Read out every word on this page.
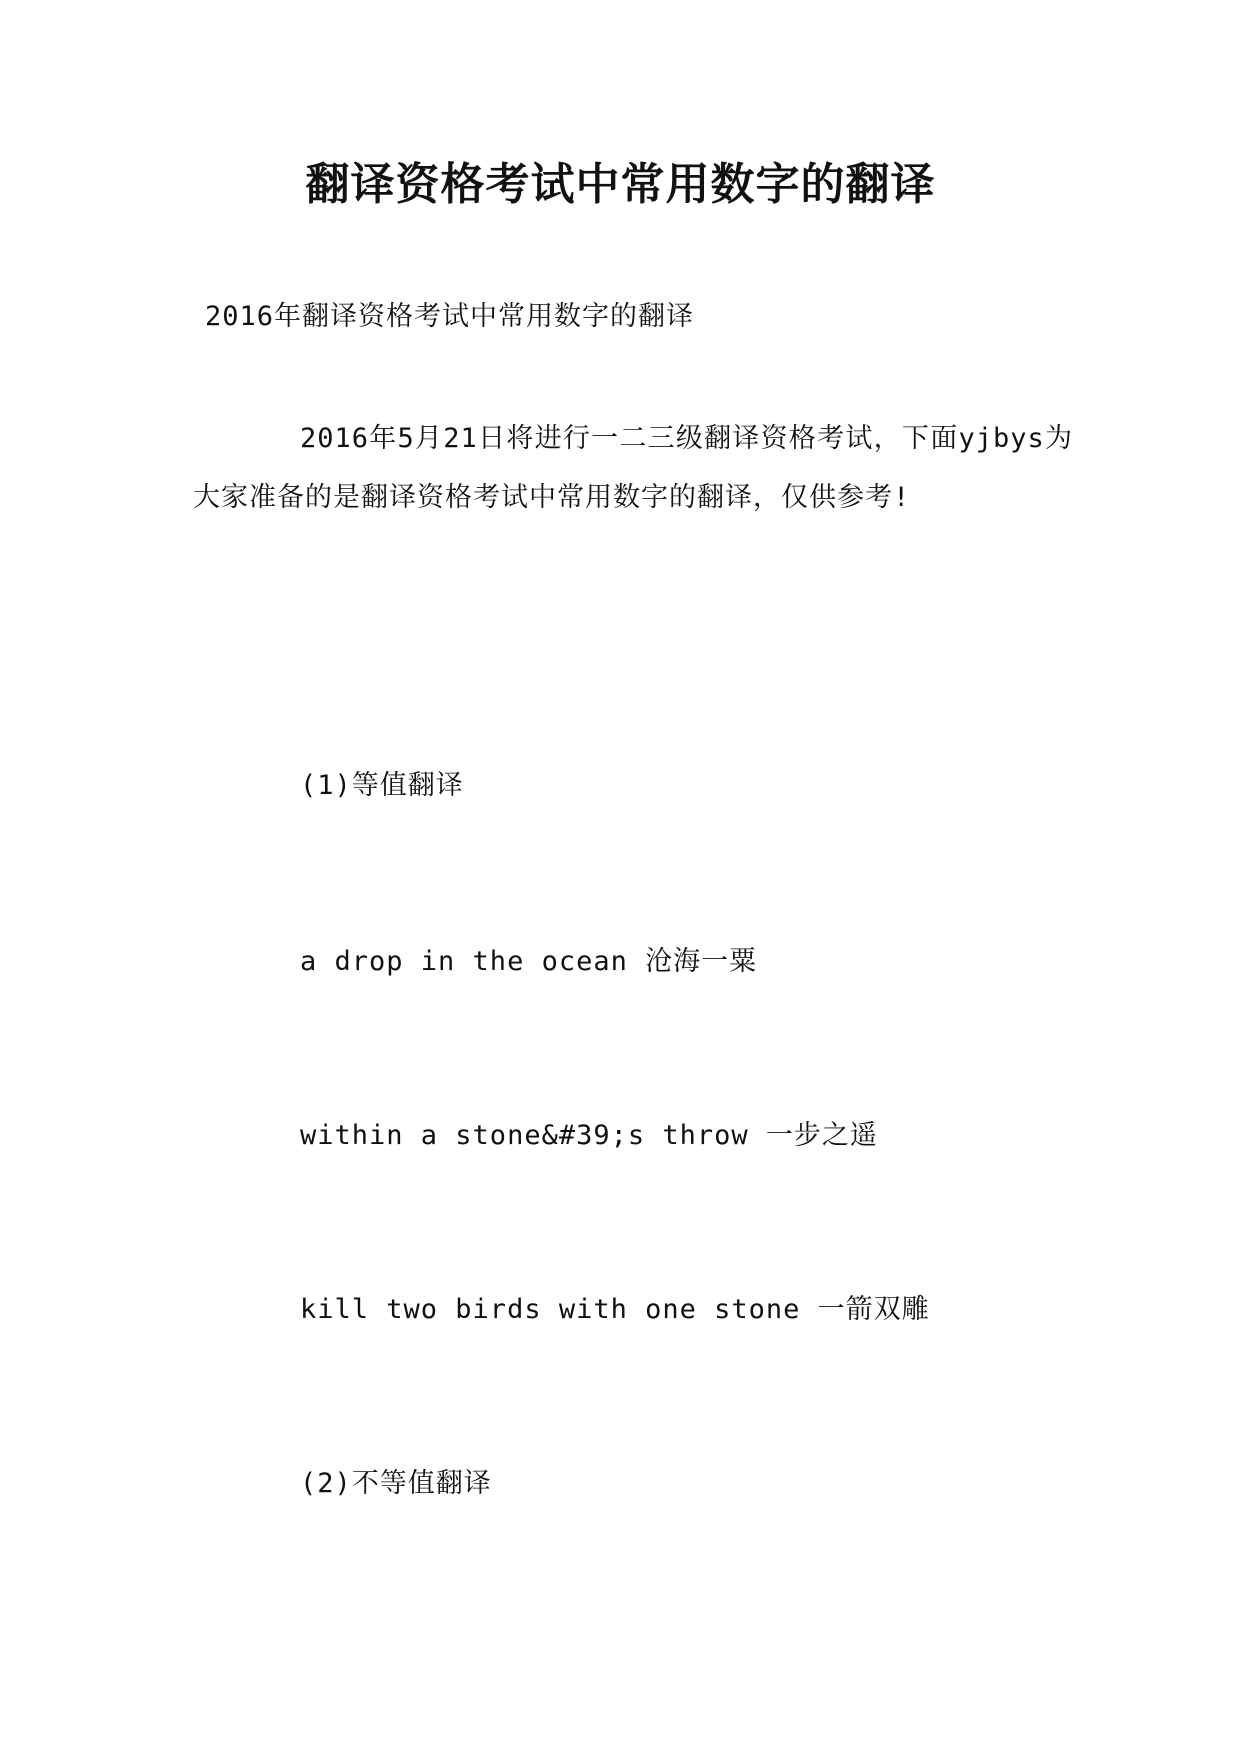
翻译资格考试中常用数字的翻译

2016年翻译资格考试中常用数字的翻译

2016年5月21日将进行一二三级翻译资格考试，下面yjbys为大家准备的是翻译资格考试中常用数字的翻译，仅供参考!

(1)等值翻译

a drop in the ocean 沧海一粟

within a stone&#39;s throw 一步之遥

kill two birds with one stone 一箭双雕

(2)不等值翻译
